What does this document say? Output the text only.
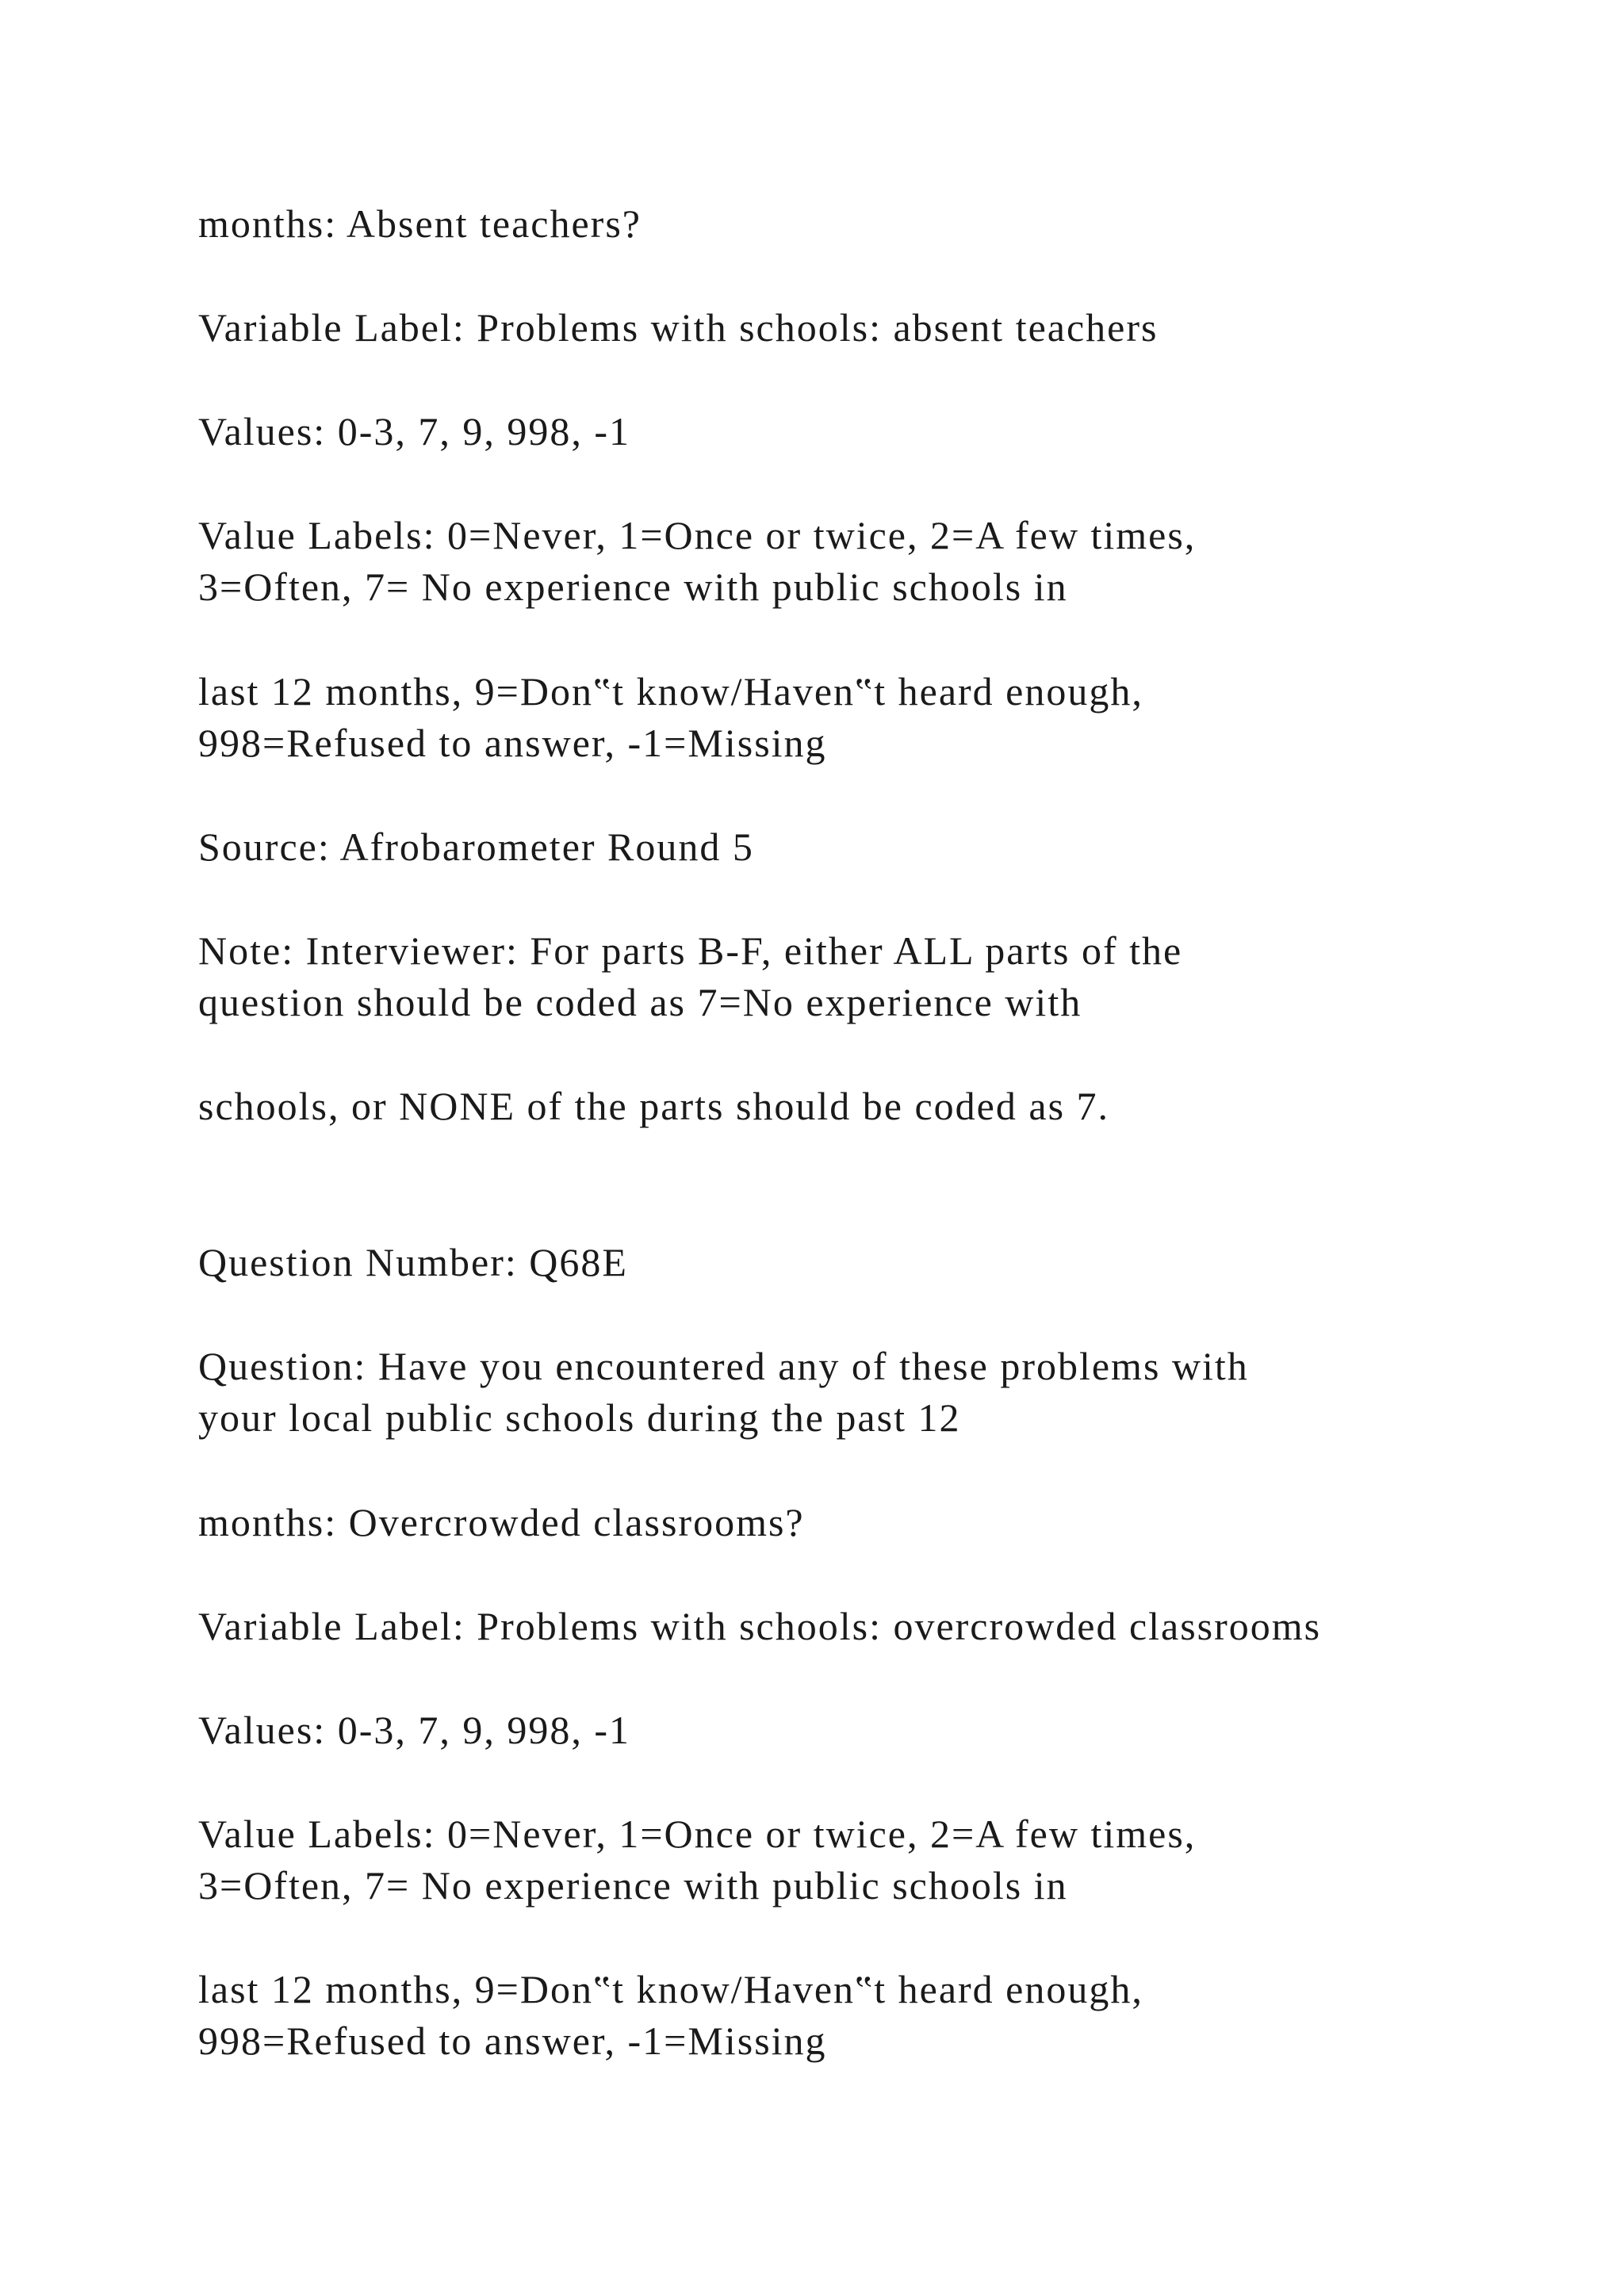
months: Absent teachers?

Variable Label: Problems with schools: absent teachers

Values: 0-3, 7, 9, 998, -1

Value Labels: 0=Never, 1=Once or twice, 2=A few times,

3=Often, 7= No experience with public schools in

last 12 months, 9=Don‟t know/Haven‟t heard enough,

998=Refused to answer, -1=Missing

Source: Afrobarometer Round 5

Note: Interviewer: For parts B-F, either ALL parts of the

question should be coded as 7=No experience with

schools, or NONE of the parts should be coded as 7.

Question Number: Q68E

Question: Have you encountered any of these problems with

your local public schools during the past 12

months: Overcrowded classrooms?

Variable Label: Problems with schools: overcrowded classrooms

Values: 0-3, 7, 9, 998, -1

Value Labels: 0=Never, 1=Once or twice, 2=A few times,

3=Often, 7= No experience with public schools in

last 12 months, 9=Don‟t know/Haven‟t heard enough,

998=Refused to answer, -1=Missing
